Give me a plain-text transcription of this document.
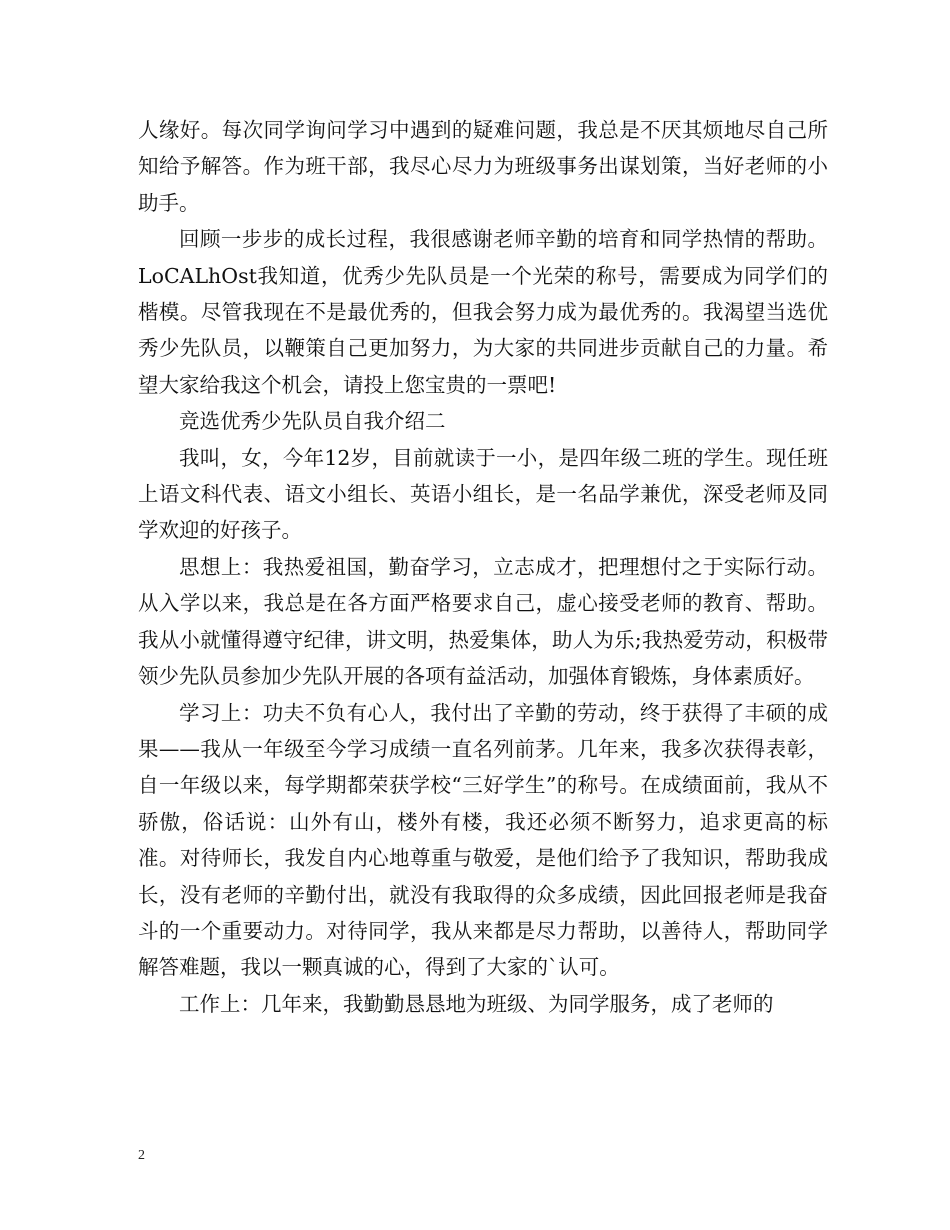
人缘好。每次同学询问学习中遇到的疑难问题，我总是不厌其烦地尽自己所知给予解答。作为班干部，我尽心尽力为班级事务出谋划策，当好老师的小助手。

回顾一步步的成长过程，我很感谢老师辛勤的培育和同学热情的帮助。LoCALhOst我知道，优秀少先队员是一个光荣的称号，需要成为同学们的楷模。尽管我现在不是最优秀的，但我会努力成为最优秀的。我渴望当选优秀少先队员，以鞭策自己更加努力，为大家的共同进步贡献自己的力量。希望大家给我这个机会，请投上您宝贵的一票吧!

竞选优秀少先队员自我介绍二

我叫，女，今年12岁，目前就读于一小，是四年级二班的学生。现任班上语文科代表、语文小组长、英语小组长，是一名品学兼优，深受老师及同学欢迎的好孩子。

思想上：我热爱祖国，勤奋学习，立志成才，把理想付之于实际行动。从入学以来，我总是在各方面严格要求自己，虚心接受老师的教育、帮助。我从小就懂得遵守纪律，讲文明，热爱集体，助人为乐;我热爱劳动，积极带领少先队员参加少先队开展的各项有益活动，加强体育锻炼，身体素质好。

学习上：功夫不负有心人，我付出了辛勤的劳动，终于获得了丰硕的成果——我从一年级至今学习成绩一直名列前茅。几年来，我多次获得表彰，自一年级以来，每学期都荣获学校“三好学生”的称号。在成绩面前，我从不骄傲，俗话说：山外有山，楼外有楼，我还必须不断努力，追求更高的标准。对待师长，我发自内心地尊重与敬爱，是他们给予了我知识，帮助我成长，没有老师的辛勤付出，就没有我取得的众多成绩，因此回报老师是我奋斗的一个重要动力。对待同学，我从来都是尽力帮助，以善待人，帮助同学解答难题，我以一颗真诚的心，得到了大家的`认可。

工作上：几年来，我勤勤恳恳地为班级、为同学服务，成了老师的

2
